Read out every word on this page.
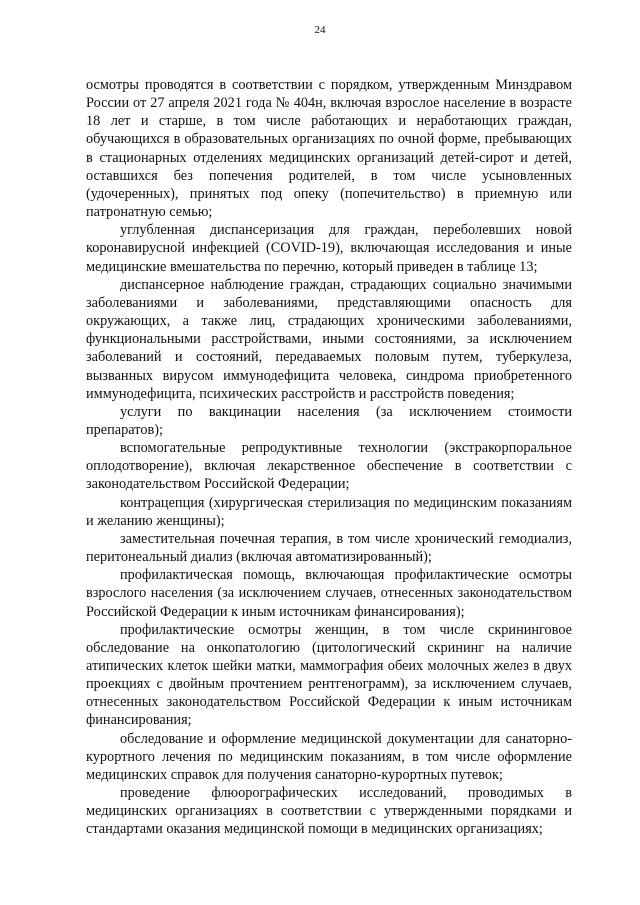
24

осмотры проводятся в соответствии с порядком, утвержденным Минздравом России от 27 апреля 2021 года № 404н, включая взрослое население в возрасте 18 лет и старше, в том числе работающих и неработающих граждан, обучающихся в образовательных организациях по очной форме, пребывающих в стационарных отделениях медицинских организаций детей-сирот и детей, оставшихся без попечения родителей, в том числе усыновленных (удочеренных), принятых под опеку (попечительство) в приемную или патронатную семью;

углубленная диспансеризация для граждан, переболевших новой коронавирусной инфекцией (COVID-19), включающая исследования и иные медицинские вмешательства по перечню, который приведен в таблице 13;

диспансерное наблюдение граждан, страдающих социально значимыми заболеваниями и заболеваниями, представляющими опасность для окружающих, а также лиц, страдающих хроническими заболеваниями, функциональными расстройствами, иными состояниями, за исключением заболеваний и состояний, передаваемых половым путем, туберкулеза, вызванных вирусом иммунодефицита человека, синдрома приобретенного иммунодефицита, психических расстройств и расстройств поведения;

услуги по вакцинации населения (за исключением стоимости препаратов);

вспомогательные репродуктивные технологии (экстракорпоральное оплодотворение), включая лекарственное обеспечение в соответствии с законодательством Российской Федерации;

контрацепция (хирургическая стерилизация по медицинским показаниям и желанию женщины);

заместительная почечная терапия, в том числе хронический гемодиализ, перитонеальный диализ (включая автоматизированный);

профилактическая помощь, включающая профилактические осмотры взрослого населения (за исключением случаев, отнесенных законодательством Российской Федерации к иным источникам финансирования);

профилактические осмотры женщин, в том числе скрининговое обследование на онкопатологию (цитологический скрининг на наличие атипических клеток шейки матки, маммография обеих молочных желез в двух проекциях с двойным прочтением рентгенограмм), за исключением случаев, отнесенных законодательством Российской Федерации к иным источникам финансирования;

обследование и оформление медицинской документации для санаторно-курортного лечения по медицинским показаниям, в том числе оформление медицинских справок для получения санаторно-курортных путевок;

проведение флюорографических исследований, проводимых в медицинских организациях в соответствии с утвержденными порядками и стандартами оказания медицинской помощи в медицинских организациях;
